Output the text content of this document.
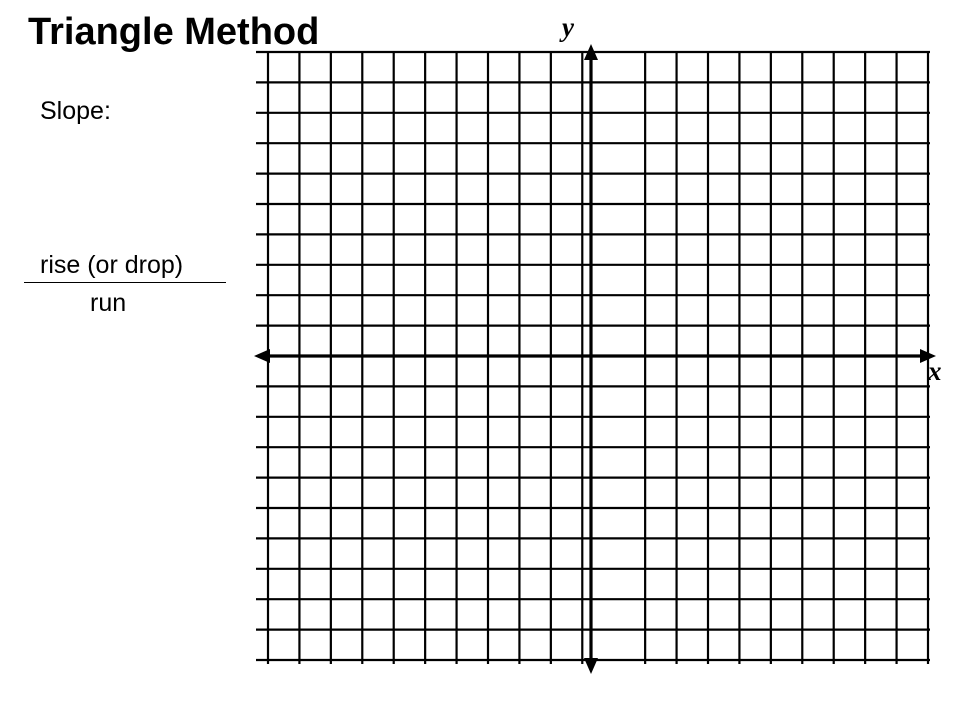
Triangle Method
Slope:
rise (or drop)
run
y
x
